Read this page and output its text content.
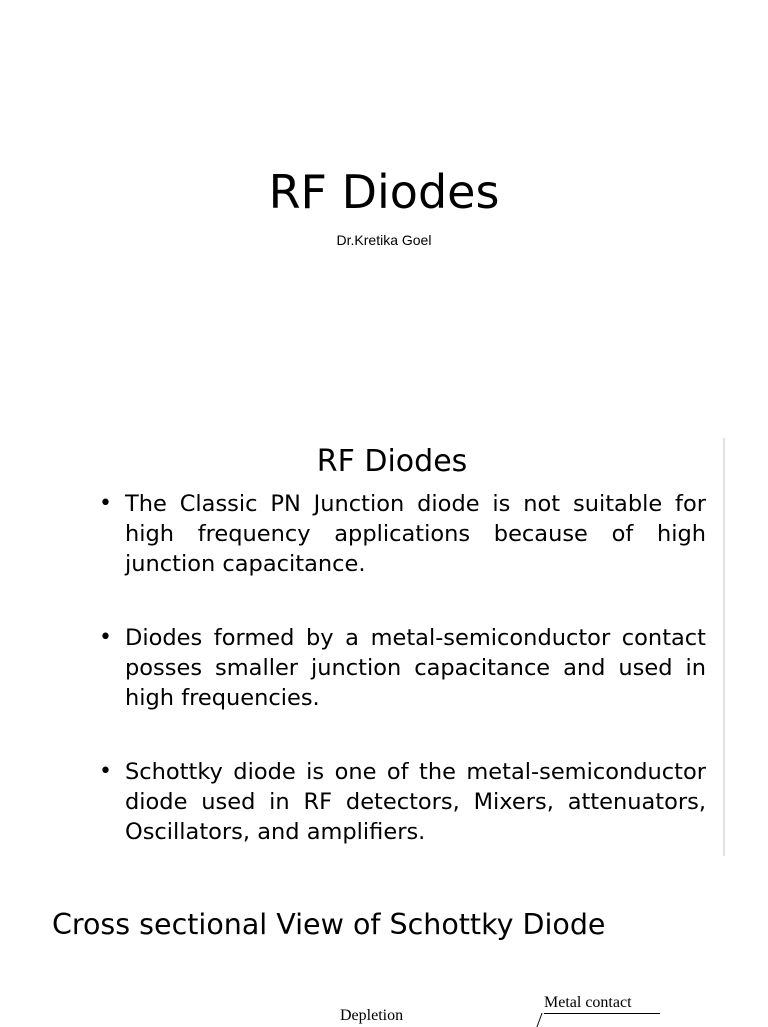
RF Diodes
Dr.Kretika Goel
RF Diodes
• The Classic PN Junction diode is not suitable for high frequency applications because of high junction capacitance.
• Diodes formed by a metal-semiconductor contact posses smaller junction capacitance and used in high frequencies.
• Schottky diode is one of the metal-semiconductor diode used in RF detectors, Mixers, attenuators, Oscillators, and amplifiers.
Cross sectional View of Schottky Diode
Depletion
Metal contact
